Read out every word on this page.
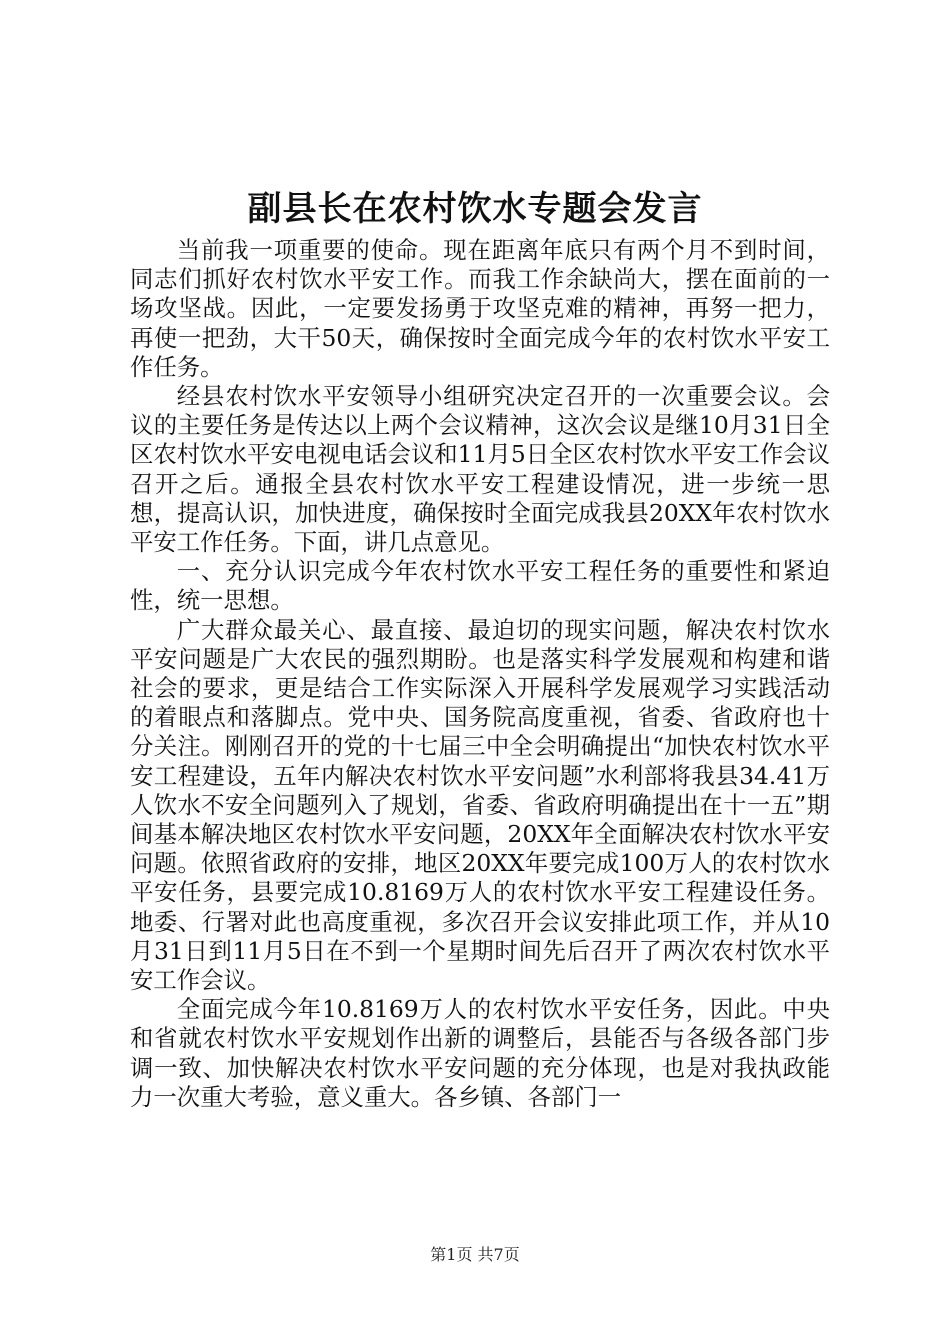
副县长在农村饮水专题会发言

当前我一项重要的使命。现在距离年底只有两个月不到时间，同志们抓好农村饮水平安工作。而我工作余缺尚大，摆在面前的一场攻坚战。因此，一定要发扬勇于攻坚克难的精神，再努一把力，再使一把劲，大干50天，确保按时全面完成今年的农村饮水平安工作任务。

经县农村饮水平安领导小组研究决定召开的一次重要会议。会议的主要任务是传达以上两个会议精神，这次会议是继10月31日全区农村饮水平安电视电话会议和11月5日全区农村饮水平安工作会议召开之后。通报全县农村饮水平安工程建设情况，进一步统一思想，提高认识，加快进度，确保按时全面完成我县20XX年农村饮水平安工作任务。下面，讲几点意见。

一、充分认识完成今年农村饮水平安工程任务的重要性和紧迫性，统一思想。

广大群众最关心、最直接、最迫切的现实问题，解决农村饮水平安问题是广大农民的强烈期盼。也是落实科学发展观和构建和谐社会的要求，更是结合工作实际深入开展科学发展观学习实践活动的着眼点和落脚点。党中央、国务院高度重视，省委、省政府也十分关注。刚刚召开的党的十七届三中全会明确提出“加快农村饮水平安工程建设，五年内解决农村饮水平安问题”水利部将我县34.41万人饮水不安全问题列入了规划，省委、省政府明确提出在十一五”期间基本解决地区农村饮水平安问题，20XX年全面解决农村饮水平安问题。依照省政府的安排，地区20XX年要完成100万人的农村饮水平安任务，县要完成10.8169万人的农村饮水平安工程建设任务。地委、行署对此也高度重视，多次召开会议安排此项工作，并从10月31日到11月5日在不到一个星期时间先后召开了两次农村饮水平安工作会议。

全面完成今年10.8169万人的农村饮水平安任务，因此。中央和省就农村饮水平安规划作出新的调整后，县能否与各级各部门步调一致、加快解决农村饮水平安问题的充分体现，也是对我执政能力一次重大考验，意义重大。各乡镇、各部门一

第1页 共7页
